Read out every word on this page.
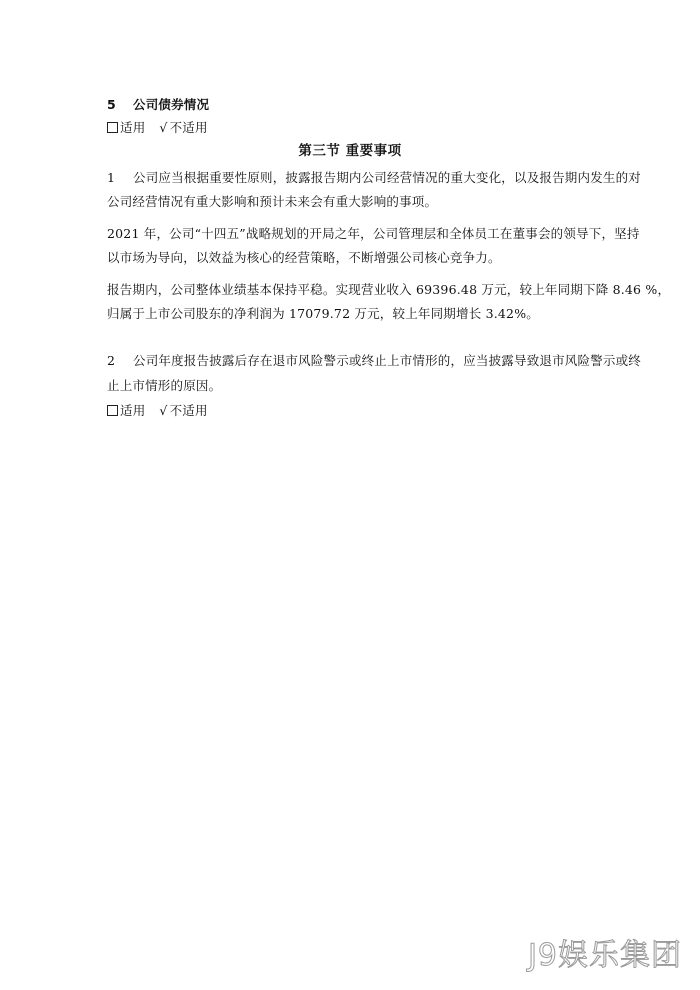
5 公司债券情况
适用 √ 不适用
第三节 重要事项
1 公司应当根据重要性原则，披露报告期内公司经营情况的重大变化，以及报告期内发生的对
公司经营情况有重大影响和预计未来会有重大影响的事项。
2021 年，公司“十四五”战略规划的开局之年，公司管理层和全体员工在董事会的领导下，坚持
以市场为导向，以效益为核心的经营策略，不断增强公司核心竞争力。
报告期内，公司整体业绩基本保持平稳。实现营业收入 69396.48 万元，较上年同期下降 8.46 %，
归属于上市公司股东的净利润为 17079.72 万元，较上年同期增长 3.42%。
2 公司年度报告披露后存在退市风险警示或终止上市情形的，应当披露导致退市风险警示或终
止上市情形的原因。
适用 √ 不适用
J9娱乐集团
